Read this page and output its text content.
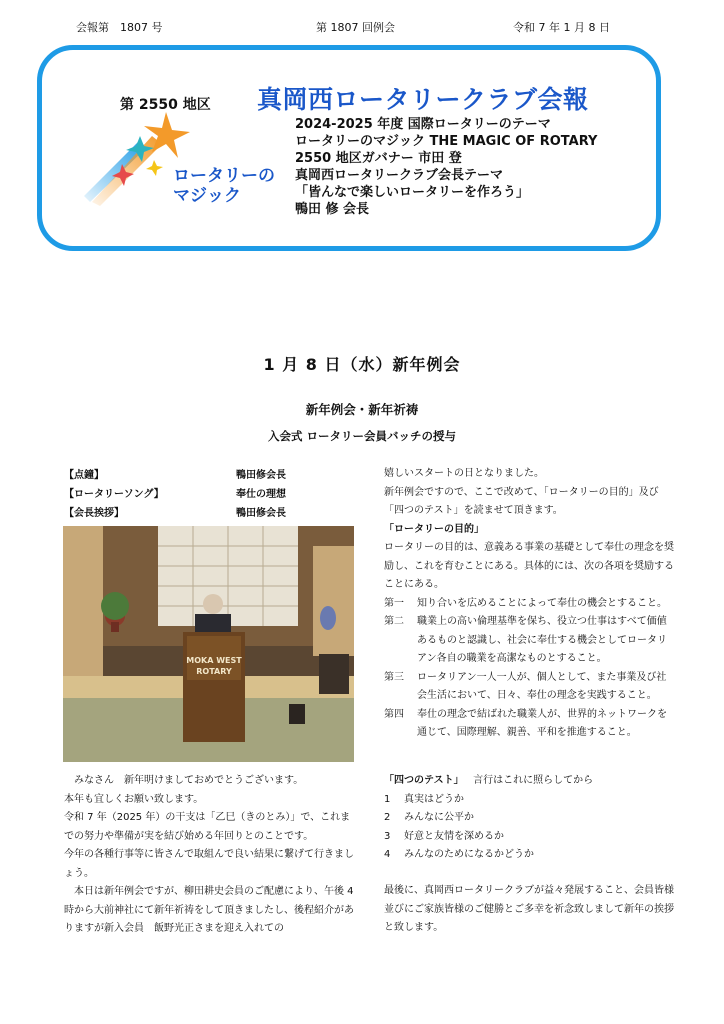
会報第　1807 号	第 1807 回例会	令和 7 年 1 月 8 日
第 2550 地区
ロータリーの
マジック
真岡西ロータリークラブ会報
2024-2025 年度 国際ロータリーのテーマ
ロータリーのマジック THE MAGIC OF ROTARY
2550 地区ガバナー 市田 登
真岡西ロータリークラブ会長テーマ
「皆んなで楽しいロータリーを作ろう」
鴨田 修 会長
1 月 8 日（水）新年例会
新年例会・新年祈祷
入会式 ロータリー会員バッチの授与
【点鐘】	鴨田修会長
【ロータリーソング】	奉仕の理想
【会長挨拶】	鴨田修会長
MOKA WEST
ROTARY

みなさん　新年明けましておめでとうございます。

本年も宜しくお願い致します。

令和 7 年（2025 年）の干支は「乙巳（きのとみ）」で、これまでの努力や準備が実を結び始める年回りとのことです。

今年の各種行事等に皆さんで取組んで良い結果に繋げて行きましょう。

本日は新年例会ですが、柳田耕史会員のご配慮により、午後 4 時から大前神社にて新年祈祷をして頂きましたし、後程紹介がありますが新入会員　飯野光正さまを迎え入れての

嬉しいスタートの日となりました。

新年例会ですので、ここで改めて、「ロータリーの目的」及び「四つのテスト」を読ませて頂きます。

「ロータリーの目的」

ロータリーの目的は、意義ある事業の基礎として奉仕の理念を奨励し、これを育むことにある。具体的には、次の各項を奨励することにある。

第一	知り合いを広めることによって奉仕の機会とすること。
第二	職業上の高い倫理基準を保ち、役立つ仕事はすべて価値あるものと認識し、社会に奉仕する機会としてロータリアン各自の職業を高潔なものとすること。
第三	ロータリアン一人一人が、個人として、また事業及び社会生活において、日々、奉仕の理念を実践すること。
第四	奉仕の理念で結ばれた職業人が、世界的ネットワークを通じて、国際理解、親善、平和を推進すること。

「四つのテスト」 言行はこれに照らしてから

1	真実はどうか
2	みんなに公平か
3	好意と友情を深めるか
4	みんなのためになるかどうか

最後に、真岡西ロータリークラブが益々発展すること、会員皆様並びにご家族皆様のご健勝とご多幸を祈念致しまして新年の挨拶と致します。
